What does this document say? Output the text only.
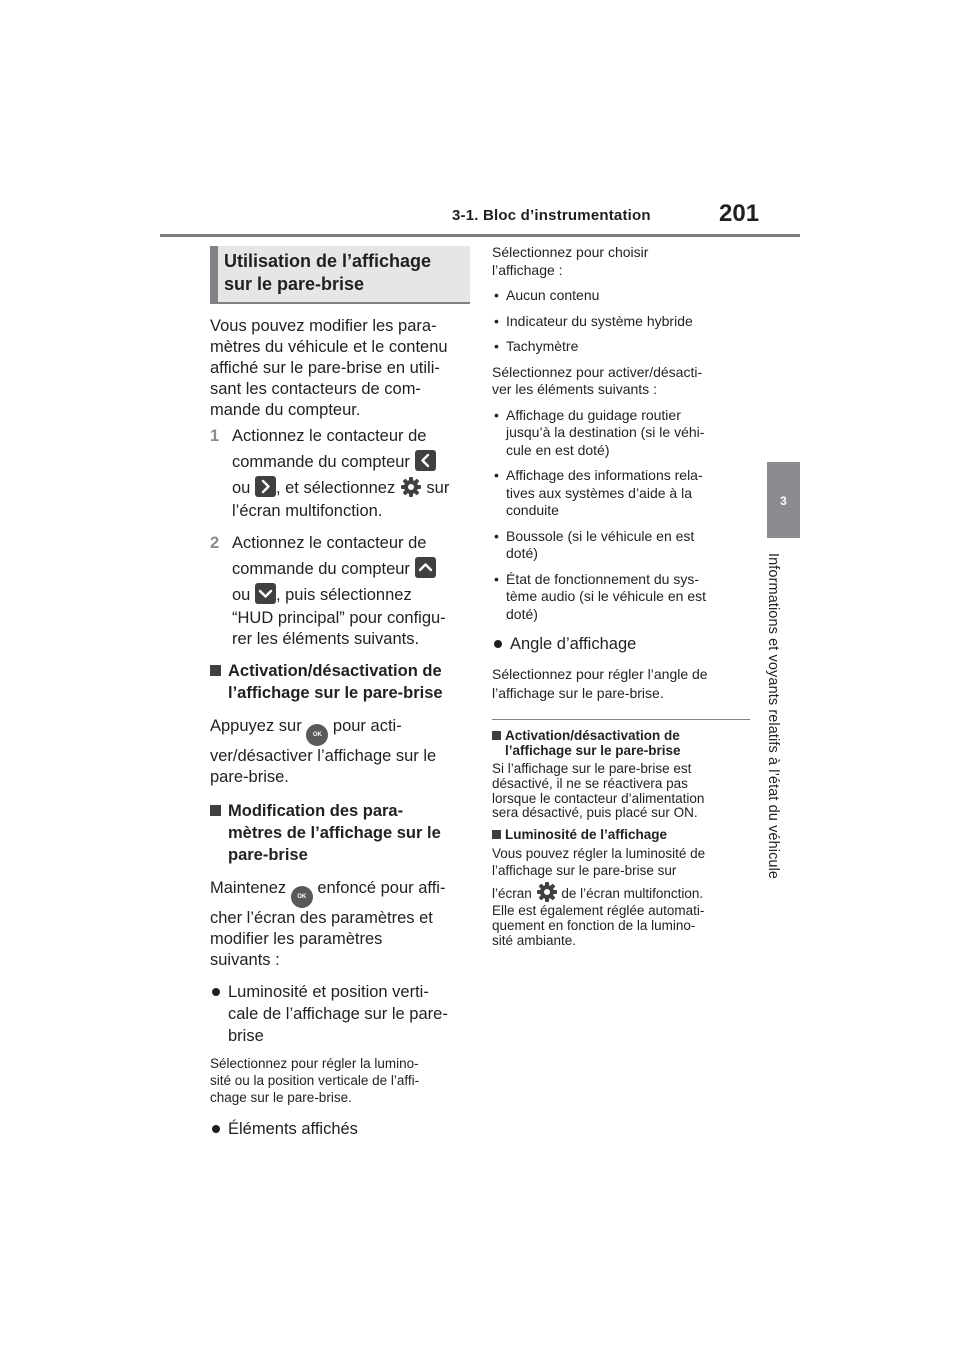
3-1. Bloc d’instrumentation	201
3
Informations et voyants relatifs à l’état du véhicule
Utilisation de l’affichage
sur le pare-brise
Vous pouvez modifier les para-
mètres du véhicule et le contenu
affiché sur le pare-brise en utili-
sant les contacteurs de com-
mande du compteur.
1 Actionnez le contacteur de
commande du compteur
ou , et sélectionnez sur
l’écran multifonction.
2 Actionnez le contacteur de
commande du compteur
ou , puis sélectionnez
“HUD principal” pour configu-
rer les éléments suivants.
Activation/désactivation de
l’affichage sur le pare-brise
Appuyez sur OK pour acti-
ver/désactiver l’affichage sur le
pare-brise.
Modification des para-
mètres de l’affichage sur le
pare-brise
Maintenez OK enfoncé pour affi-
cher l’écran des paramètres et
modifier les paramètres
suivants :
Luminosité et position verti-
cale de l’affichage sur le pare-
brise
Sélectionnez pour régler la lumino-
sité ou la position verticale de l’affi-
chage sur le pare-brise.
Éléments affichés
Sélectionnez pour choisir
l’affichage :
• Aucun contenu
• Indicateur du système hybride
• Tachymètre
Sélectionnez pour activer/désacti-
ver les éléments suivants :
• Affichage du guidage routier
jusqu’à la destination (si le véhi-
cule en est doté)
• Affichage des informations rela-
tives aux systèmes d’aide à la
conduite
• Boussole (si le véhicule en est
doté)
• État de fonctionnement du sys-
tème audio (si le véhicule en est
doté)
Angle d’affichage
Sélectionnez pour régler l’angle de
l’affichage sur le pare-brise.
Activation/désactivation de
l’affichage sur le pare-brise
Si l’affichage sur le pare-brise est
désactivé, il ne se réactivera pas
lorsque le contacteur d’alimentation
sera désactivé, puis placé sur ON.
Luminosité de l’affichage
Vous pouvez régler la luminosité de
l’affichage sur le pare-brise sur
l’écran de l’écran multifonction.
Elle est également réglée automati-
quement en fonction de la lumino-
sité ambiante.
